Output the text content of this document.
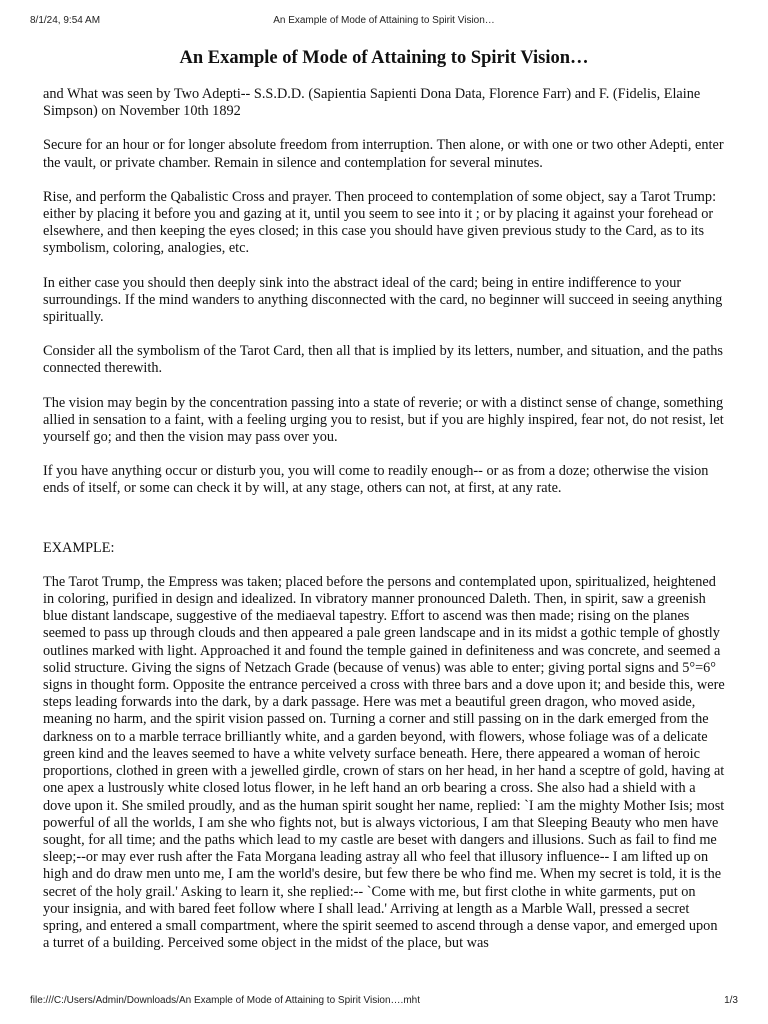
8/1/24, 9:54 AM	An Example of Mode of Attaining to Spirit Vision…
An Example of Mode of Attaining to Spirit Vision…

and What was seen by Two Adepti-- S.S.D.D. (Sapientia Sapienti Dona Data, Florence Farr) and F. (Fidelis, Elaine Simpson) on November 10th 1892

Secure for an hour or for longer absolute freedom from interruption. Then alone, or with one or two other Adepti, enter the vault, or private chamber. Remain in silence and contemplation for several minutes.

Rise, and perform the Qabalistic Cross and prayer. Then proceed to contemplation of some object, say a Tarot Trump: either by placing it before you and gazing at it, until you seem to see into it ; or by placing it against your forehead or elsewhere, and then keeping the eyes closed; in this case you should have given previous study to the Card, as to its symbolism, coloring, analogies, etc.

In either case you should then deeply sink into the abstract ideal of the card; being in entire indifference to your surroundings. If the mind wanders to anything disconnected with the card, no beginner will succeed in seeing anything spiritually.

Consider all the symbolism of the Tarot Card, then all that is implied by its letters, number, and situation, and the paths connected therewith.

The vision may begin by the concentration passing into a state of reverie; or with a distinct sense of change, something allied in sensation to a faint, with a feeling urging you to resist, but if you are highly inspired, fear not, do not resist, let yourself go; and then the vision may pass over you.

If you have anything occur or disturb you, you will come to readily enough-- or as from a doze; otherwise the vision ends of itself, or some can check it by will, at any stage, others can not, at first, at any rate.

EXAMPLE:

The Tarot Trump, the Empress was taken; placed before the persons and contemplated upon, spiritualized, heightened in coloring, purified in design and idealized. In vibratory manner pronounced Daleth. Then, in spirit, saw a greenish blue distant landscape, suggestive of the mediaeval tapestry. Effort to ascend was then made; rising on the planes seemed to pass up through clouds and then appeared a pale green landscape and in its midst a gothic temple of ghostly outlines marked with light. Approached it and found the temple gained in definiteness and was concrete, and seemed a solid structure. Giving the signs of Netzach Grade (because of venus) was able to enter; giving portal signs and 5°=6° signs in thought form. Opposite the entrance perceived a cross with three bars and a dove upon it; and beside this, were steps leading forwards into the dark, by a dark passage. Here was met a beautiful green dragon, who moved aside, meaning no harm, and the spirit vision passed on. Turning a corner and still passing on in the dark emerged from the darkness on to a marble terrace brilliantly white, and a garden beyond, with flowers, whose foliage was of a delicate green kind and the leaves seemed to have a white velvety surface beneath. Here, there appeared a woman of heroic proportions, clothed in green with a jewelled girdle, crown of stars on her head, in her hand a sceptre of gold, having at one apex a lustrously white closed lotus flower, in he left hand an orb bearing a cross. She also had a shield with a dove upon it. She smiled proudly, and as the human spirit sought her name, replied: `I am the mighty Mother Isis; most powerful of all the worlds, I am she who fights not, but is always victorious, I am that Sleeping Beauty who men have sought, for all time; and the paths which lead to my castle are beset with dangers and illusions. Such as fail to find me sleep;--or may ever rush after the Fata Morgana leading astray all who feel that illusory influence-- I am lifted up on high and do draw men unto me, I am the world's desire, but few there be who find me. When my secret is told, it is the secret of the holy grail.' Asking to learn it, she replied:-- `Come with me, but first clothe in white garments, put on your insignia, and with bared feet follow where I shall lead.' Arriving at length as a Marble Wall, pressed a secret spring, and entered a small compartment, where the spirit seemed to ascend through a dense vapor, and emerged upon a turret of a building. Perceived some object in the midst of the place, but was

file:///C:/Users/Admin/Downloads/An Example of Mode of Attaining to Spirit Vision….mht	1/3
